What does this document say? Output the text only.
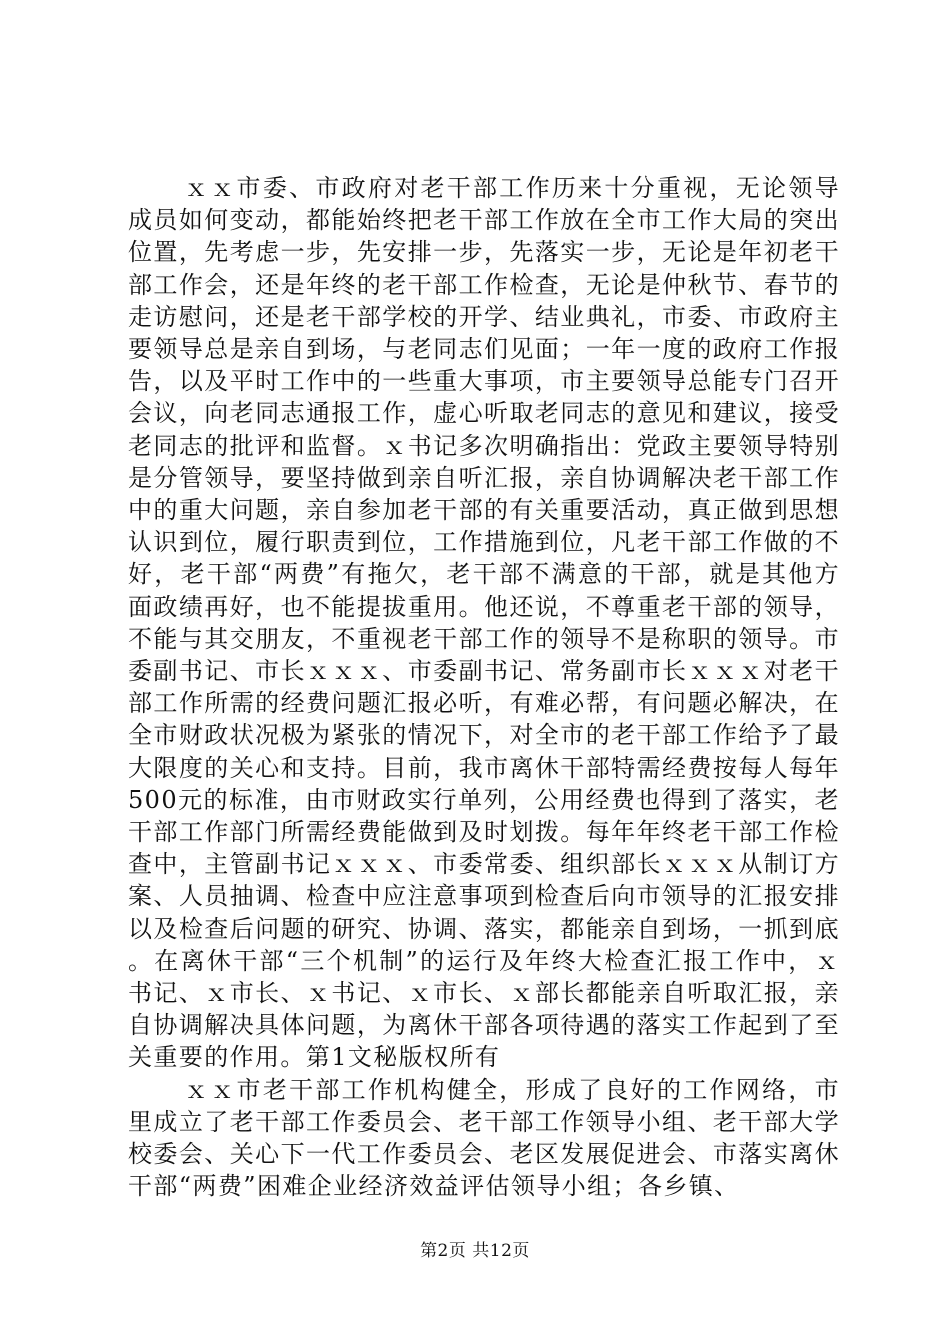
ｘｘ市委、市政府对老干部工作历来十分重视，无论领导成员如何变动，都能始终把老干部工作放在全市工作大局的突出位置，先考虑一步，先安排一步，先落实一步，无论是年初老干部工作会，还是年终的老干部工作检查，无论是仲秋节、春节的走访慰问，还是老干部学校的开学、结业典礼，市委、市政府主要领导总是亲自到场，与老同志们见面；一年一度的政府工作报告，以及平时工作中的一些重大事项，市主要领导总能专门召开会议，向老同志通报工作，虚心听取老同志的意见和建议，接受老同志的批评和监督。ｘ书记多次明确指出：党政主要领导特别是分管领导，要坚持做到亲自听汇报，亲自协调解决老干部工作中的重大问题，亲自参加老干部的有关重要活动，真正做到思想认识到位，履行职责到位，工作措施到位，凡老干部工作做的不好，老干部“两费”有拖欠，老干部不满意的干部，就是其他方面政绩再好，也不能提拔重用。他还说，不尊重老干部的领导，不能与其交朋友，不重视老干部工作的领导不是称职的领导。市委副书记、市长ｘｘｘ、市委副书记、常务副市长ｘｘｘ对老干部工作所需的经费问题汇报必听，有难必帮，有问题必解决，在全市财政状况极为紧张的情况下，对全市的老干部工作给予了最大限度的关心和支持。目前，我市离休干部特需经费按每人每年500元的标准，由市财政实行单列，公用经费也得到了落实，老干部工作部门所需经费能做到及时划拨。每年年终老干部工作检查中，主管副书记ｘｘｘ、市委常委、组织部长ｘｘｘ从制订方案、人员抽调、检查中应注意事项到检查后向市领导的汇报安排以及检查后问题的研究、协调、落实，都能亲自到场，一抓到底。在离休干部“三个机制”的运行及年终大检查汇报工作中，ｘ书记、ｘ市长、ｘ书记、ｘ市长、ｘ部长都能亲自听取汇报，亲自协调解决具体问题，为离休干部各项待遇的落实工作起到了至关重要的作用。第1文秘版权所有

ｘｘ市老干部工作机构健全，形成了良好的工作网络，市里成立了老干部工作委员会、老干部工作领导小组、老干部大学校委会、关心下一代工作委员会、老区发展促进会、市落实离休干部“两费”困难企业经济效益评估领导小组；各乡镇、

第2页 共12页
